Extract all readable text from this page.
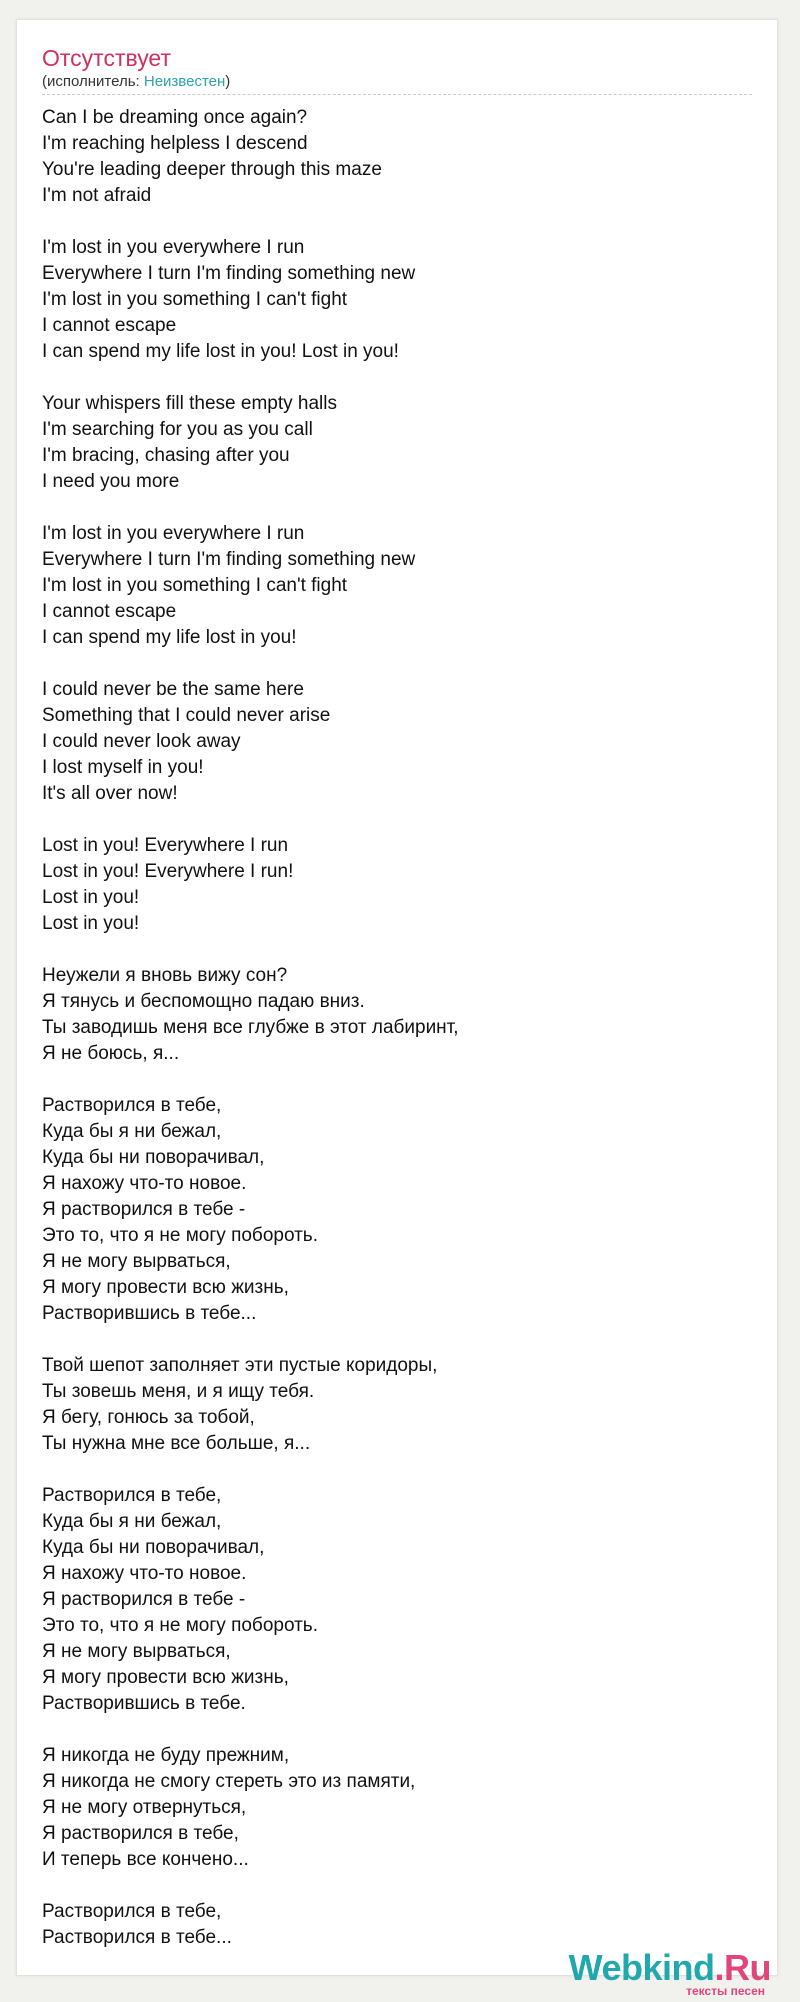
Отсутствует
(исполнитель: Неизвестен)
Can I be dreaming once again?
I'm reaching helpless I descend
You're leading deeper through this maze
I'm not afraid
I'm lost in you everywhere I run
Everywhere I turn I'm finding something new
I'm lost in you something I can't fight
I cannot escape
I can spend my life lost in you! Lost in you!
Your whispers fill these empty halls
I'm searching for you as you call
I'm bracing, chasing after you
I need you more
I'm lost in you everywhere I run
Everywhere I turn I'm finding something new
I'm lost in you something I can't fight
I cannot escape
I can spend my life lost in you!
I could never be the same here
Something that I could never arise
I could never look away
I lost myself in you!
It's all over now!
Lost in you! Everywhere I run
Lost in you! Everywhere I run!
Lost in you!
Lost in you!
Неужели я вновь вижу сон?
Я тянусь и беспомощно падаю вниз.
Ты заводишь меня все глубже в этот лабиринт,
Я не боюсь, я...
Растворился в тебе,
Куда бы я ни бежал,
Куда бы ни поворачивал,
Я нахожу что-то новое.
Я растворился в тебе -
Это то, что я не могу побороть.
Я не могу вырваться,
Я могу провести всю жизнь,
Растворившись в тебе...
Твой шепот заполняет эти пустые коридоры,
Ты зовешь меня, и я ищу тебя.
Я бегу, гонюсь за тобой,
Ты нужна мне все больше, я...
Растворился в тебе,
Куда бы я ни бежал,
Куда бы ни поворачивал,
Я нахожу что-то новое.
Я растворился в тебе -
Это то, что я не могу побороть.
Я не могу вырваться,
Я могу провести всю жизнь,
Растворившись в тебе.
Я никогда не буду прежним,
Я никогда не смогу стереть это из памяти,
Я не могу отвернуться,
Я растворился в тебе,
И теперь все кончено...
Растворился в тебе,
Растворился в тебе...
Webkind.Ru
тексты песен
